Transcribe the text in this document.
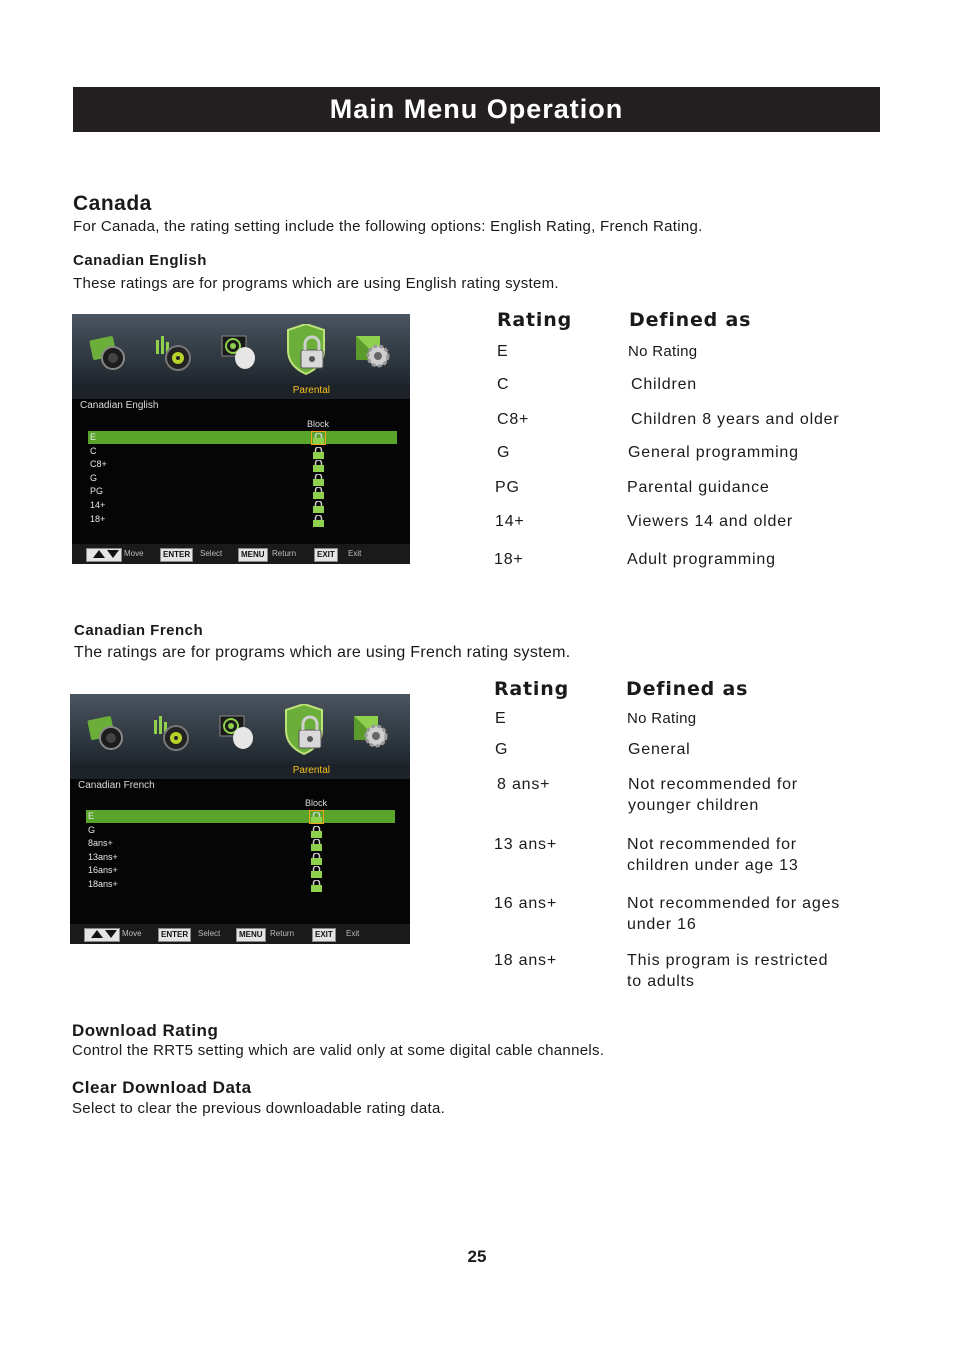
Main Menu Operation
Canada
For Canada, the rating setting include the following options: English Rating, French Rating.
Canadian English
These ratings are for programs which are using English rating system.
Parental
Canadian English
Block
E
C
C8+
G
PG
14+
18+
Move	ENTER	Select	MENU Return	EXIT	Exit
Rating	Defined as
E	No Rating
C	Children
C8+	Children 8 years and older
G	General programming
PG	Parental guidance
14+	Viewers 14 and older
18+	Adult programming
Canadian French
The ratings are for programs which are using French rating system.
Parental
Canadian French
Block
E
G
8ans+
13ans+
16ans+
18ans+
Move	ENTER	Select	MENU Return	EXIT	Exit
Rating	Defined as
E	No Rating
G	General
8 ans+	Not recommended for younger children
13 ans+	Not recommended for children under age 13
16 ans+	Not recommended for ages under 16
18 ans+	This program is restricted to adults
Download Rating
Control the RRT5 setting which are valid only at some digital cable channels.
Clear Download Data
Select to clear the previous downloadable rating data.
25
